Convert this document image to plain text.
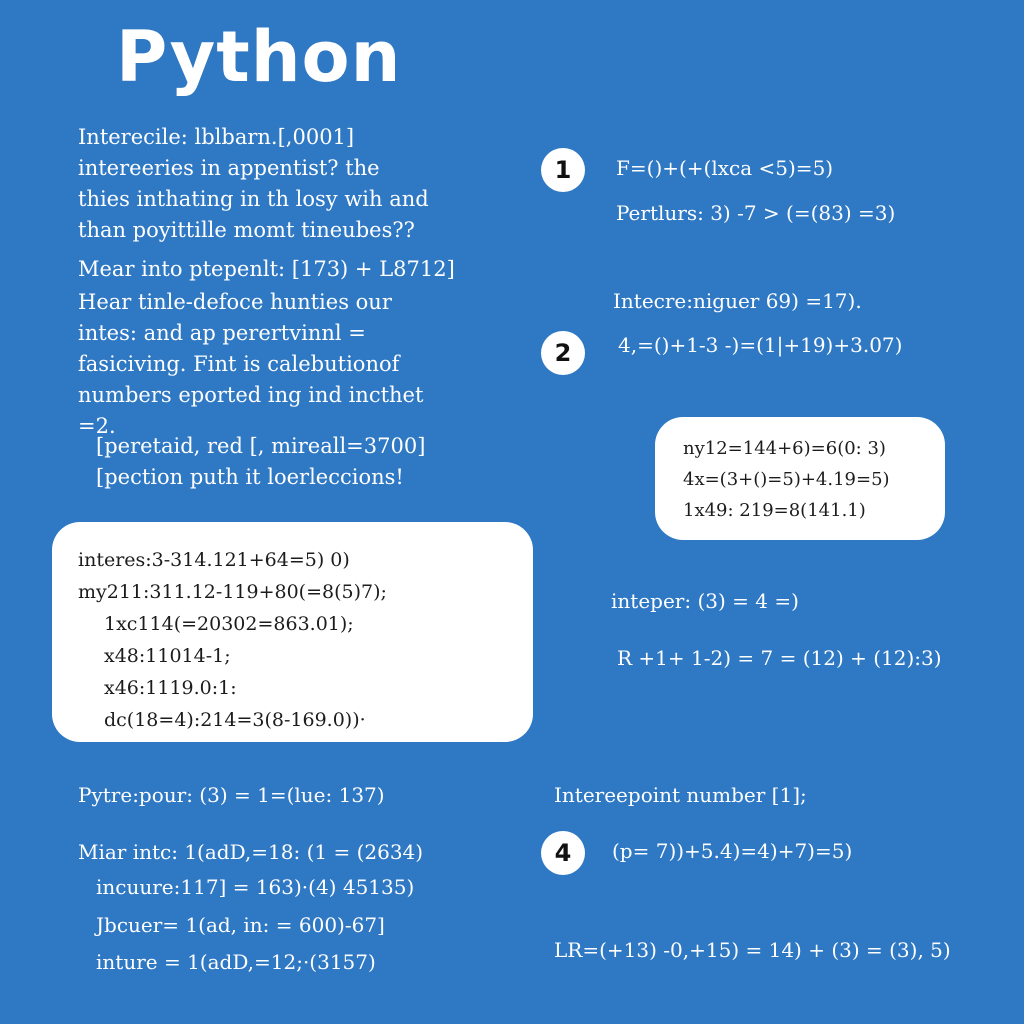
Python
Interecile: lblbarn.[,0001]
intereeries in appentist? the
thies inthating in th losy wih and
than poyittille momt tineubes??
Mear into ptepenlt: [173) + L8712]
Hear tinle-defoce hunties our
intes: and ap perertvinnl =
fasiciving. Fint is calebutionof
numbers eported ing ind incthet
=2.
[peretaid, red [, mireall=3700]
[pection puth it loerleccions!
interes:3-314.121+64=5) 0)
my211:311.12-119+80(=8(5)7);
1xc114(=20302=863.01);
x48:11014-1;
x46:1119.0:1:
dc(18=4):214=3(8-169.0))·
ny12=144+6)=6(0: 3)
4x=(3+()=5)+4.19=5)
1x49: 219=8(141.1)
1	F=()+(+(lxca <5)=5)
Pertlurs: 3) -7 > (=(83) =3)
Intecre:niguer 69) =17).
2	4,=()+1-3 -)=(1|+19)+3.07)
inteper: (3) = 4 =)
R +1+ 1-2) = 7 = (12) + (12):3)
Intereepoint number [1];
4	(p= 7))+5.4)=4)+7)=5)
LR=(+13) -0,+15) = 14) + (3) = (3), 5)
Pytre:pour: (3) = 1=(lue: 137)
Miar intc: 1(adD,=18: (1 = (2634)
incuure:117] = 163)·(4) 45135)
Jbcuer= 1(ad, in: = 600)-67]
inture = 1(adD,=12;·(3157)
